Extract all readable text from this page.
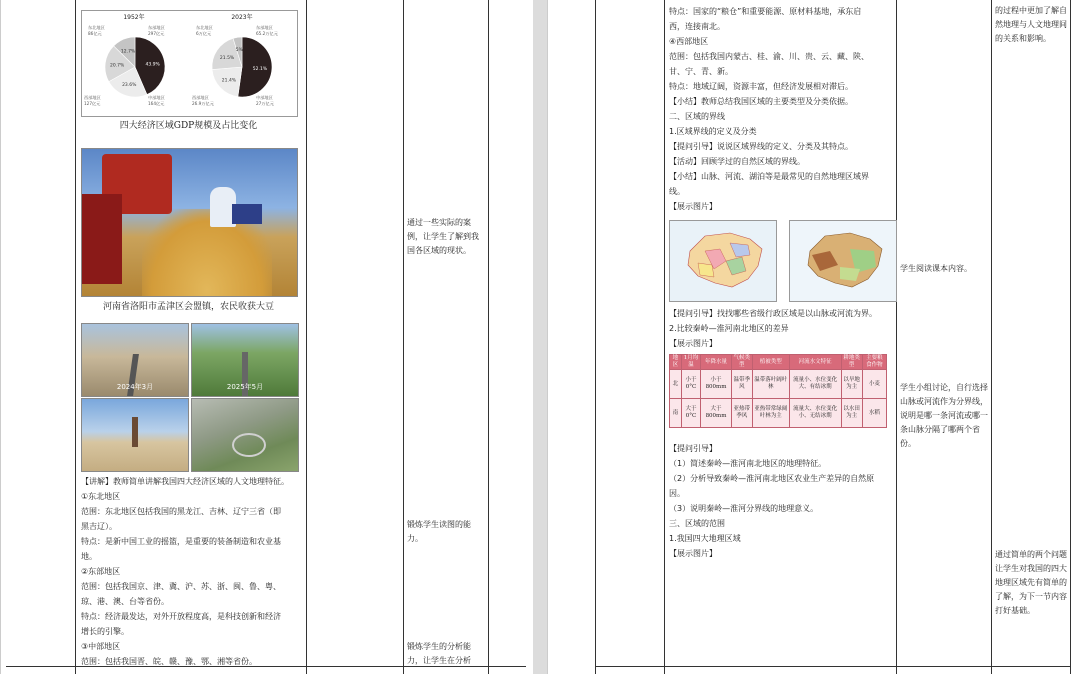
1952年
43.9%
23.6%
20.7%
12.7%
东北地区
86亿元
东部地区
297亿元
西部地区
127亿元
中部地区
164亿元
2023年
52.1%
21.4%
21.5%
5%
东北地区
6万亿元
东部地区
65.2万亿元
西部地区
26.9万亿元
中部地区
27万亿元
四大经济区域GDP规模及占比变化
河南省洛阳市孟津区会盟镇，农民收获大豆
2024年3月	2025年5月
【讲解】教师简单讲解我国四大经济区域的人文地理特征。
①东北地区
范围：东北地区包括我国的黑龙江、吉林、辽宁三省（即
黑吉辽）。
特点：是新中国工业的摇篮，是重要的装备制造和农业基
地。
②东部地区
范围：包括我国京、津、冀、沪、苏、浙、闽、鲁、粤、
琼、港、澳、台等省份。
特点：经济最发达，对外开放程度高，是科技创新和经济
增长的引擎。
③中部地区
范围：包括我国晋、皖、赣、豫、鄂、湘等省份。
通过一些实际的案例，让学生了解到我国各区域的现状。
锻炼学生读图的能力。
锻炼学生的分析能力，让学生在分析
特点：国家的“粮仓”和重要能源、原材料基地，承东启
西，连接南北。
④西部地区
范围：包括我国内蒙古、桂、渝、川、贵、云、藏、陕、
甘、宁、青、新。
特点：地域辽阔，资源丰富，但经济发展相对滞后。
【小结】教师总结我国区域的主要类型及分类依据。
二、区域的界线
1.区域界线的定义及分类
【提问引导】说说区域界线的定义、分类及其特点。
【活动】回顾学过的自然区域的界线。
【小结】山脉、河流、湖泊等是最常见的自然地理区域界
线。
【展示图片】
【提问引导】找找哪些省级行政区域是以山脉或河流为界。
2.比较秦岭—淮河南北地区的差异
【展示图片】
地区	1月均温	年降水量	气候类型	植被类型	河流水文特征	耕地类型	主要粮食作物
北	小于0°C	小于800mm	温带季风	温带落叶阔叶林	流量小、水位变化大、有结冰期	以旱地为主	小麦
南	大于0°C	大于800mm	亚热带季风	亚热带常绿阔叶林为主	流量大、水位变化小、无结冰期	以水田为主	水稻
【提问引导】
（1）简述秦岭—淮河南北地区的地理特征。
（2）分析导致秦岭—淮河南北地区农业生产差异的自然原
因。
（3）说明秦岭—淮河分界线的地理意义。
三、区域的范围
1.我国四大地理区域
【展示图片】
学生阅读课本内容。
学生小组讨论，自行选择山脉或河流作为分界线，说明是哪一条河流或哪一条山脉分隔了哪两个省份。
的过程中更加了解自然地理与人文地理间的关系和影响。
通过简单的两个问题让学生对我国的四大地理区域先有简单的了解，为下一节内容打好基础。
